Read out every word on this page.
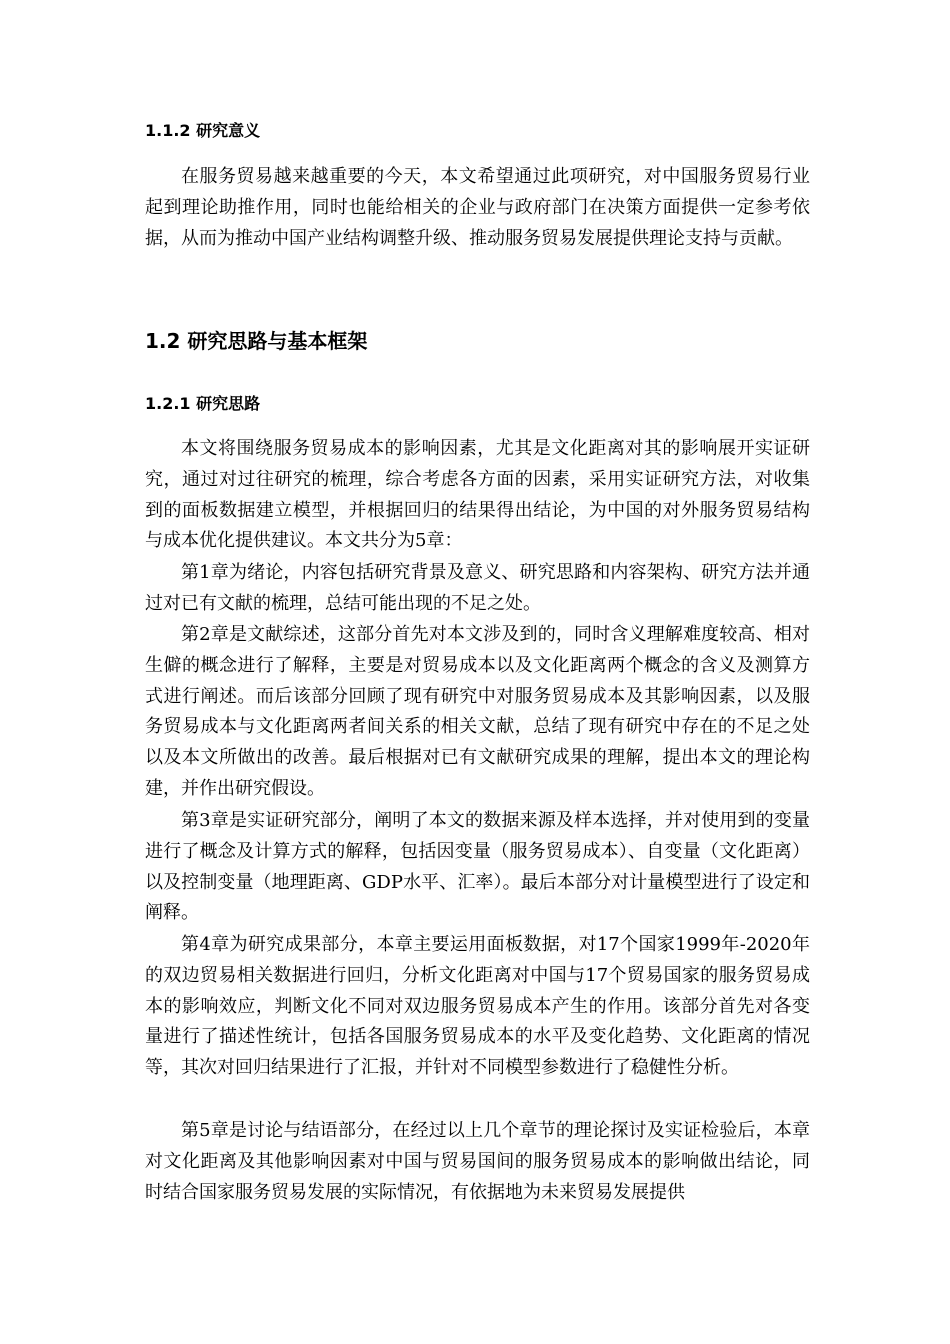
1.1.2 研究意义

在服务贸易越来越重要的今天，本文希望通过此项研究，对中国服务贸易行业起到理论助推作用，同时也能给相关的企业与政府部门在决策方面提供一定参考依据，从而为推动中国产业结构调整升级、推动服务贸易发展提供理论支持与贡献。

1.2 研究思路与基本框架
1.2.1 研究思路

本文将围绕服务贸易成本的影响因素，尤其是文化距离对其的影响展开实证研究，通过对过往研究的梳理，综合考虑各方面的因素，采用实证研究方法，对收集到的面板数据建立模型，并根据回归的结果得出结论，为中国的对外服务贸易结构与成本优化提供建议。本文共分为5章：

第1章为绪论，内容包括研究背景及意义、研究思路和内容架构、研究方法并通过对已有文献的梳理，总结可能出现的不足之处。

第2章是文献综述，这部分首先对本文涉及到的，同时含义理解难度较高、相对生僻的概念进行了解释，主要是对贸易成本以及文化距离两个概念的含义及测算方式进行阐述。而后该部分回顾了现有研究中对服务贸易成本及其影响因素，以及服务贸易成本与文化距离两者间关系的相关文献，总结了现有研究中存在的不足之处以及本文所做出的改善。最后根据对已有文献研究成果的理解，提出本文的理论构建，并作出研究假设。

第3章是实证研究部分，阐明了本文的数据来源及样本选择，并对使用到的变量进行了概念及计算方式的解释，包括因变量（服务贸易成本）、自变量（文化距离）以及控制变量（地理距离、GDP水平、汇率）。最后本部分对计量模型进行了设定和阐释。

第4章为研究成果部分，本章主要运用面板数据，对17个国家1999年-2020年的双边贸易相关数据进行回归，分析文化距离对中国与17个贸易国家的服务贸易成本的影响效应，判断文化不同对双边服务贸易成本产生的作用。该部分首先对各变量进行了描述性统计，包括各国服务贸易成本的水平及变化趋势、文化距离的情况等，其次对回归结果进行了汇报，并针对不同模型参数进行了稳健性分析。

第5章是讨论与结语部分，在经过以上几个章节的理论探讨及实证检验后，本章对文化距离及其他影响因素对中国与贸易国间的服务贸易成本的影响做出结论，同时结合国家服务贸易发展的实际情况，有依据地为未来贸易发展提供
